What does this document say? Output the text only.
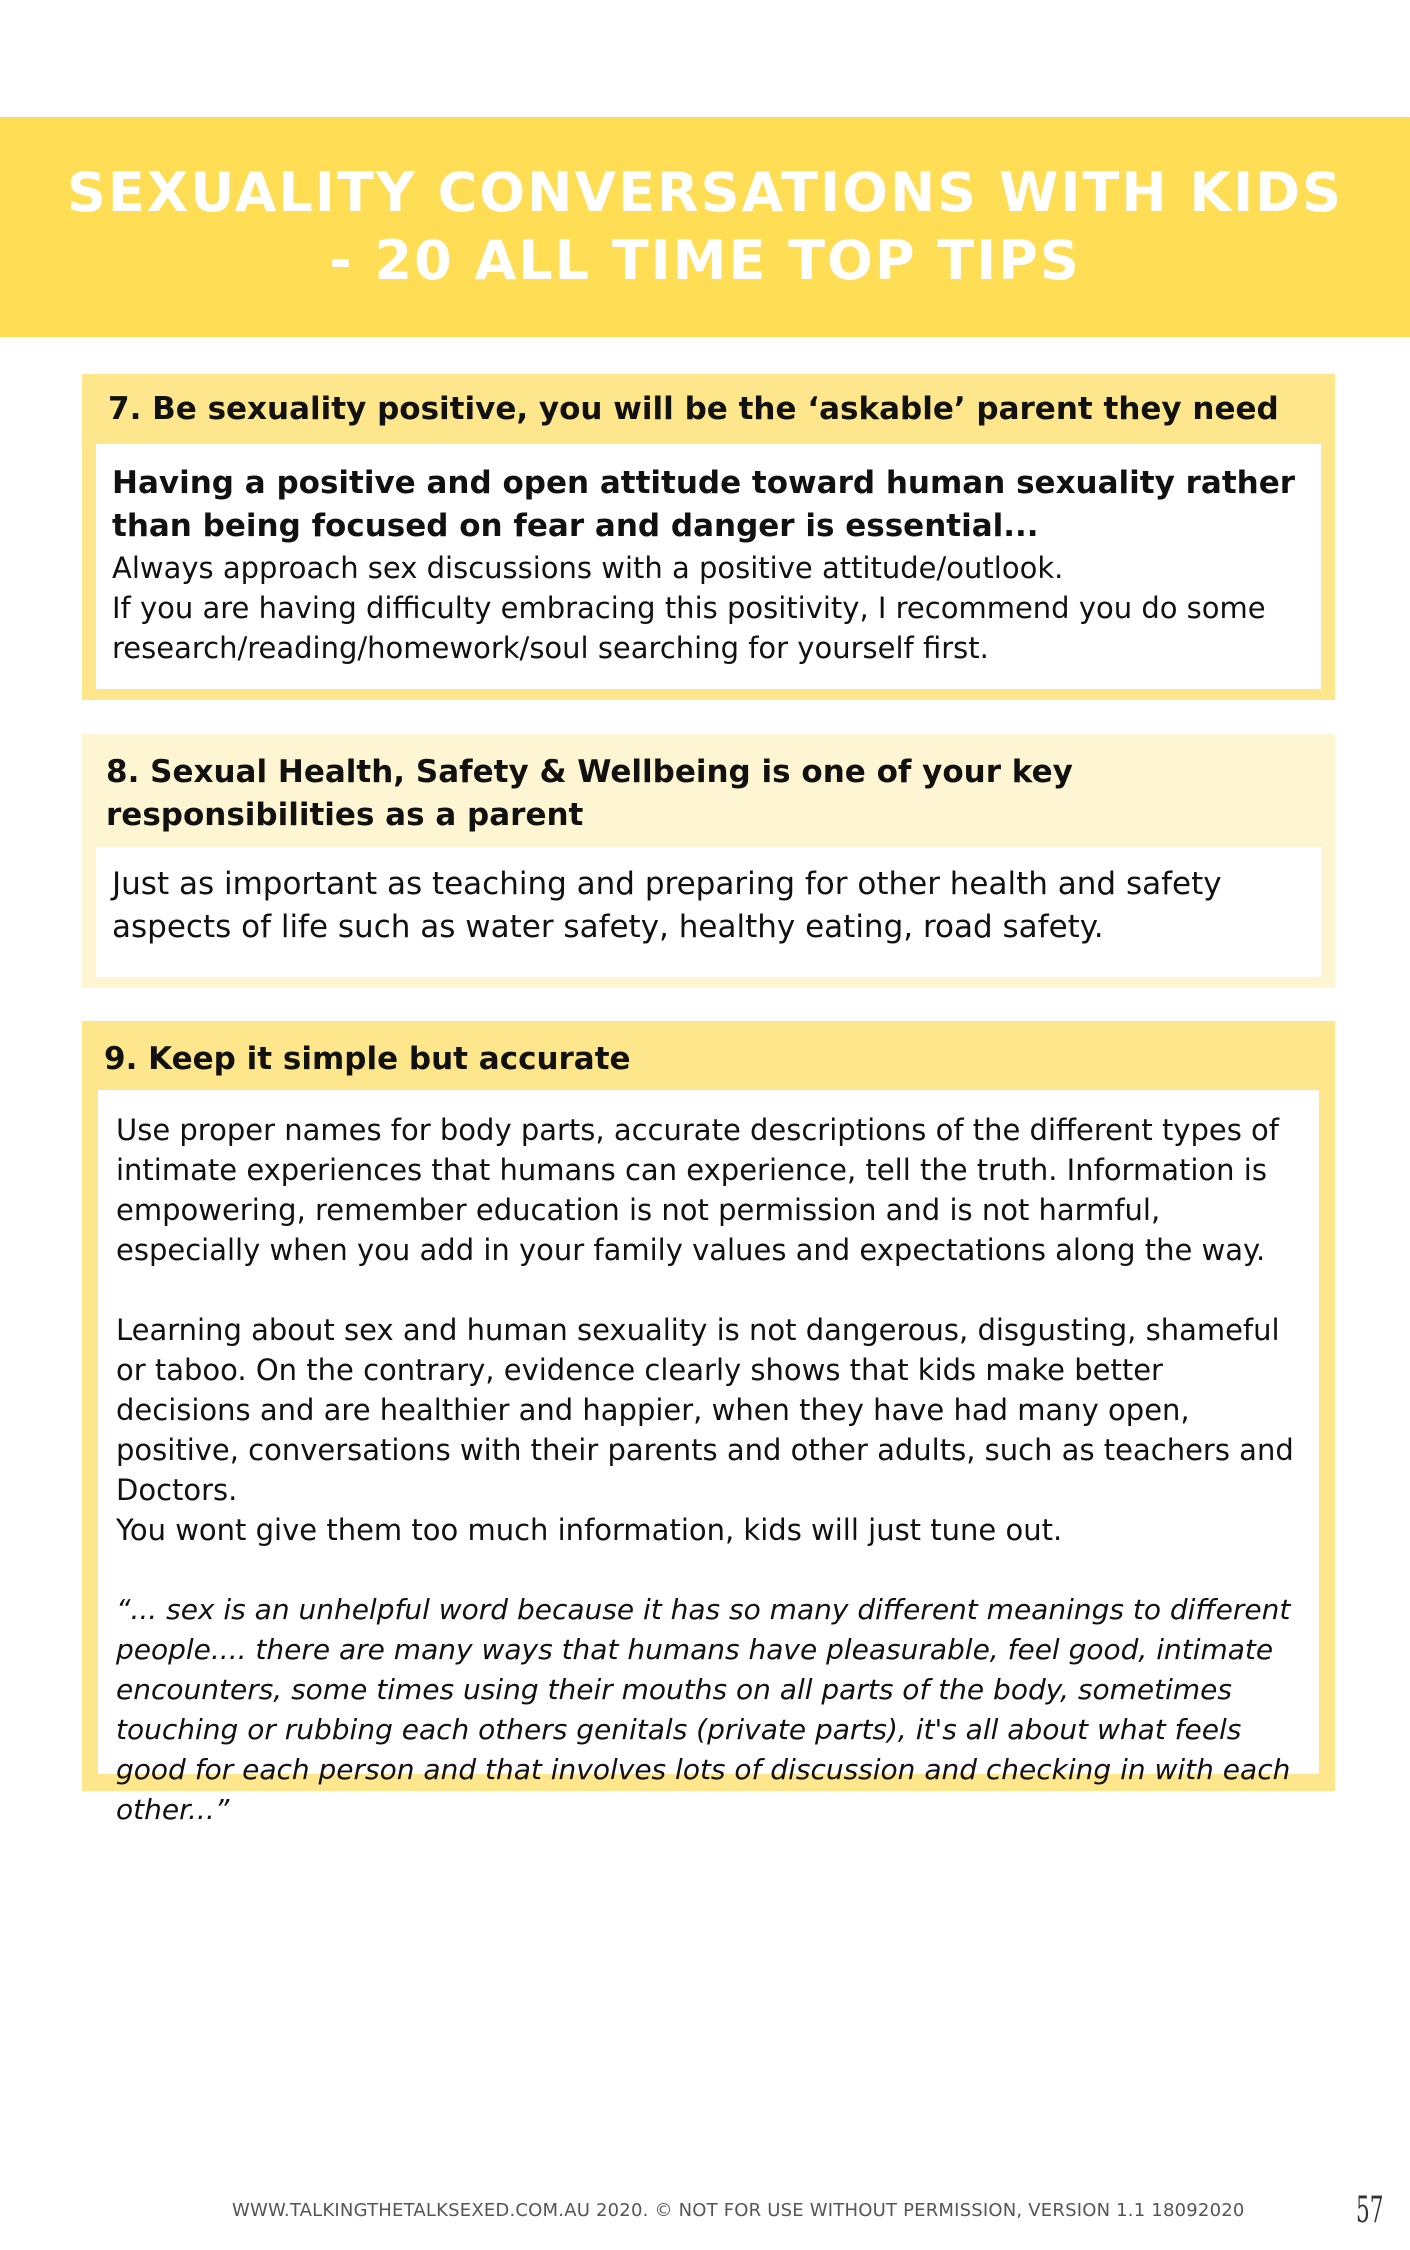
SEXUALITY CONVERSATIONS WITH KIDS
- 20 ALL TIME TOP TIPS
7. Be sexuality positive, you will be the ‘askable’ parent they need

Having a positive and open attitude toward human sexuality rather than being focused on fear and danger is essential...

Always approach sex discussions with a positive attitude/outlook.

If you are having difficulty embracing this positivity, I recommend you do some research/reading/homework/soul searching for yourself first.

8. Sexual Health, Safety & Wellbeing is one of your key responsibilities as a parent

Just as important as teaching and preparing for other health and safety aspects of life such as water safety, healthy eating, road safety.

9. Keep it simple but accurate

Use proper names for body parts, accurate descriptions of the different types of intimate experiences that humans can experience, tell the truth. Information is empowering, remember education is not permission and is not harmful, especially when you add in your family values and expectations along the way.

Learning about sex and human sexuality is not dangerous, disgusting, shameful or taboo. On the contrary, evidence clearly shows that kids make better decisions and are healthier and happier, when they have had many open, positive, conversations with their parents and other adults, such as teachers and Doctors.

You wont give them too much information, kids will just tune out.

“... sex is an unhelpful word because it has so many different meanings to different people.... there are many ways that humans have pleasurable, feel good, intimate encounters, some times using their mouths on all parts of the body, sometimes touching or rubbing each others genitals (private parts), it's all about what feels good for each person and that involves lots of discussion and checking in with each other...”

WWW.TALKINGTHETALKSEXED.COM.AU 2020. © NOT FOR USE WITHOUT PERMISSION, VERSION 1.1 18092020	57
